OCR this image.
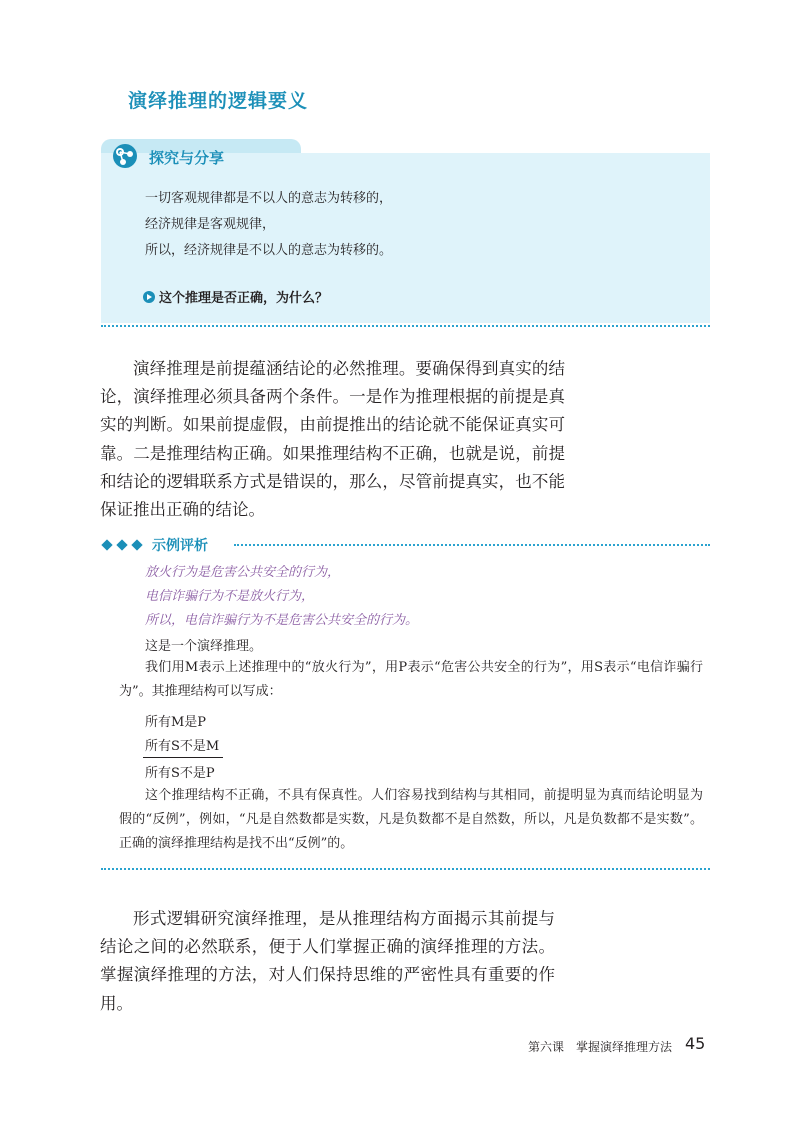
演绎推理的逻辑要义
探究与分享
一切客观规律都是不以人的意志为转移的，
经济规律是客观规律，
所以，经济规律是不以人的意志为转移的。
这个推理是否正确，为什么？
演绎推理是前提蕴涵结论的必然推理。要确保得到真实的结论，演绎推理必须具备两个条件。一是作为推理根据的前提是真实的判断。如果前提虚假，由前提推出的结论就不能保证真实可靠。二是推理结构正确。如果推理结构不正确，也就是说，前提和结论的逻辑联系方式是错误的，那么，尽管前提真实，也不能保证推出正确的结论。
示例评析
放火行为是危害公共安全的行为，
电信诈骗行为不是放火行为，
所以，电信诈骗行为不是危害公共安全的行为。
这是一个演绎推理。
我们用M表示上述推理中的“放火行为”，用P表示“危害公共安全的行为”，用S表示“电信诈骗行为”。其推理结构可以写成：
所有M是P
所有S不是M
所有S不是P
这个推理结构不正确，不具有保真性。人们容易找到结构与其相同，前提明显为真而结论明显为假的“反例”，例如，“凡是自然数都是实数，凡是负数都不是自然数，所以，凡是负数都不是实数”。正确的演绎推理结构是找不出“反例”的。
形式逻辑研究演绎推理，是从推理结构方面揭示其前提与结论之间的必然联系，便于人们掌握正确的演绎推理的方法。掌握演绎推理的方法，对人们保持思维的严密性具有重要的作用。
第六课　掌握演绎推理方法 45
